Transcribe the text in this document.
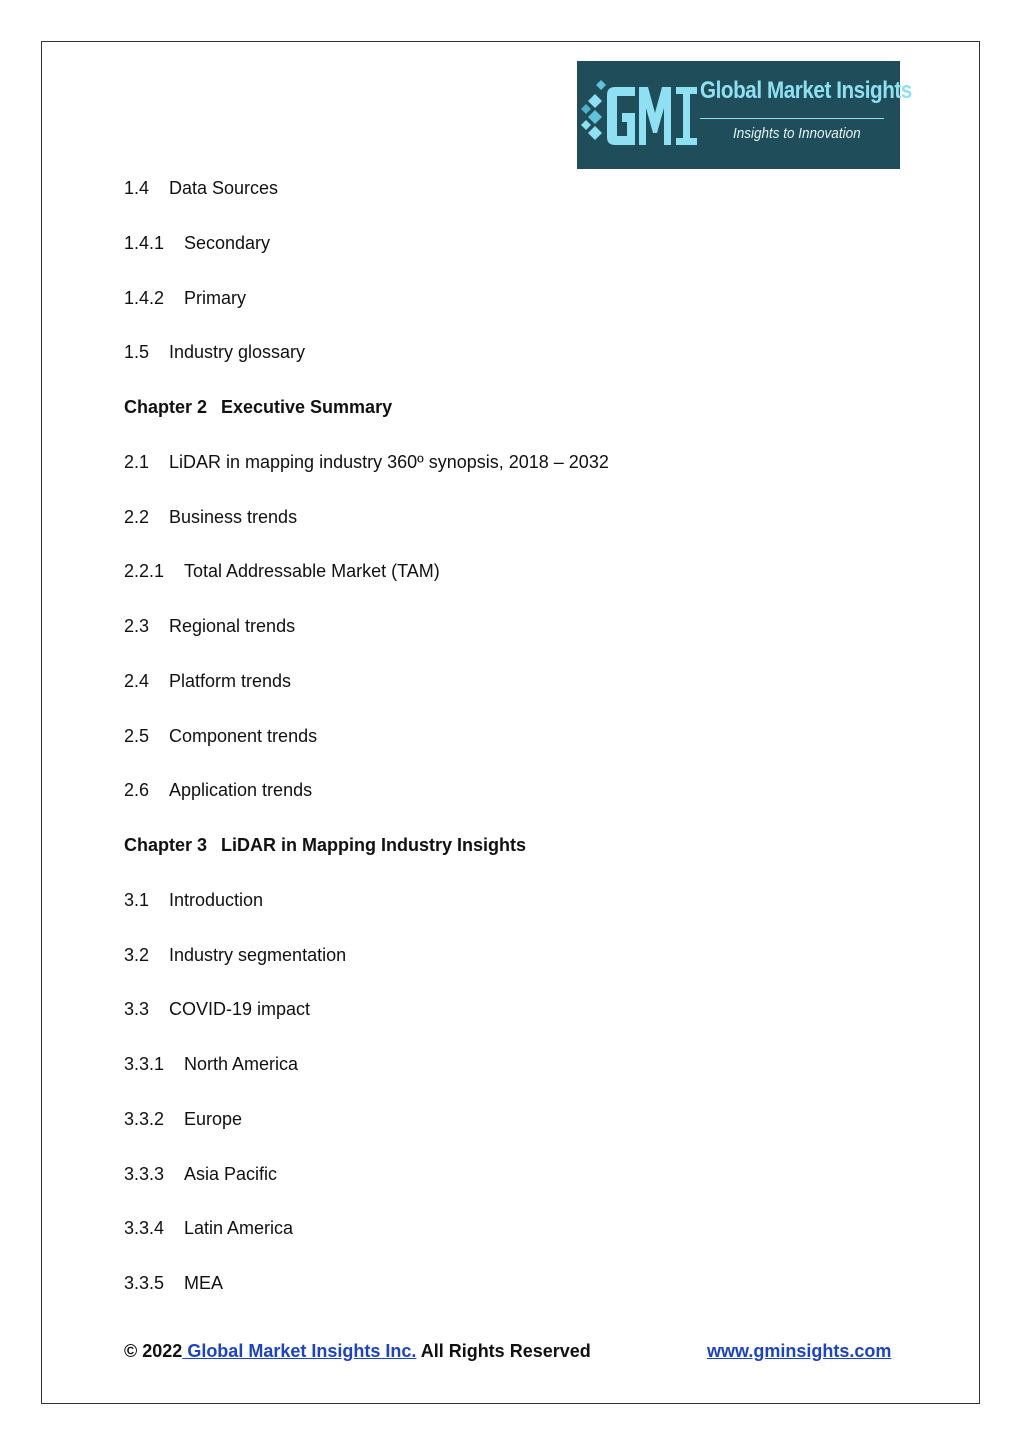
Global Market Insights
Insights to Innovation
1.4 Data Sources
1.4.1 Secondary
1.4.2 Primary
1.5 Industry glossary
Chapter 2 Executive Summary
2.1 LiDAR in mapping industry 360º synopsis, 2018 – 2032
2.2 Business trends
2.2.1 Total Addressable Market (TAM)
2.3 Regional trends
2.4 Platform trends
2.5 Component trends
2.6 Application trends
Chapter 3 LiDAR in Mapping Industry Insights
3.1 Introduction
3.2 Industry segmentation
3.3 COVID-19 impact
3.3.1 North America
3.3.2 Europe
3.3.3 Asia Pacific
3.3.4 Latin America
3.3.5 MEA
© 2022 Global Market Insights Inc. All Rights Reserved	www.gminsights.com
